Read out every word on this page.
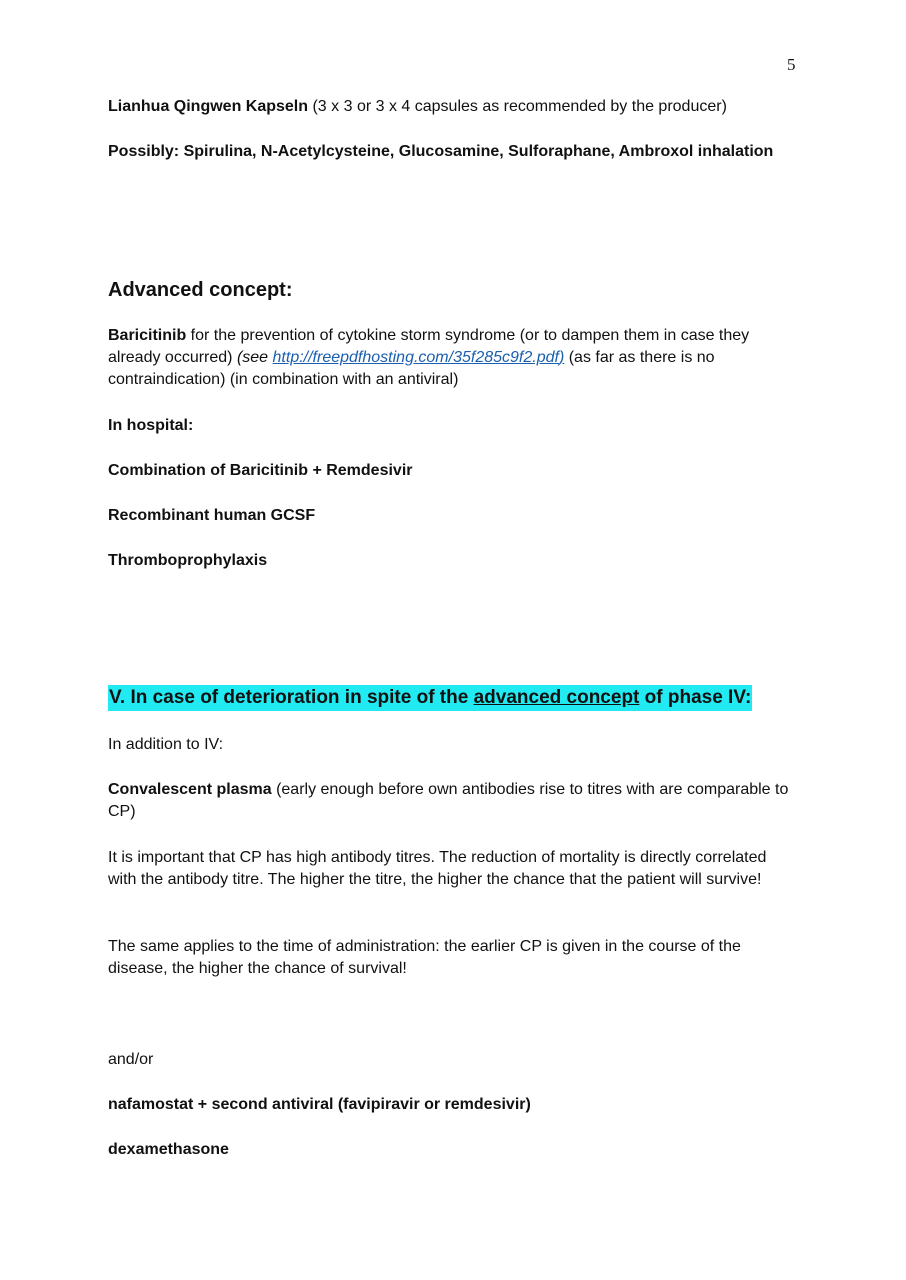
5
Lianhua Qingwen Kapseln (3 x 3 or 3 x 4 capsules as recommended by the producer)
Possibly: Spirulina, N-Acetylcysteine, Glucosamine, Sulforaphane, Ambroxol inhalation
Advanced concept:
Baricitinib for the prevention of cytokine storm syndrome (or to dampen them in case they already occurred) (see http://freepdfhosting.com/35f285c9f2.pdf) (as far as there is no contraindication) (in combination with an antiviral)
In hospital:
Combination of Baricitinib + Remdesivir
Recombinant human GCSF
Thromboprophylaxis
V. In case of deterioration in spite of the advanced concept of phase IV:
In addition to IV:
Convalescent plasma (early enough before own antibodies rise to titres with are comparable to CP)
It is important that CP has high antibody titres. The reduction of mortality is directly correlated with the antibody titre. The higher the titre, the higher the chance that the patient will survive!
The same applies to the time of administration: the earlier CP is given in the course of the disease, the higher the chance of survival!
and/or
nafamostat + second antiviral (favipiravir or remdesivir)
dexamethasone
